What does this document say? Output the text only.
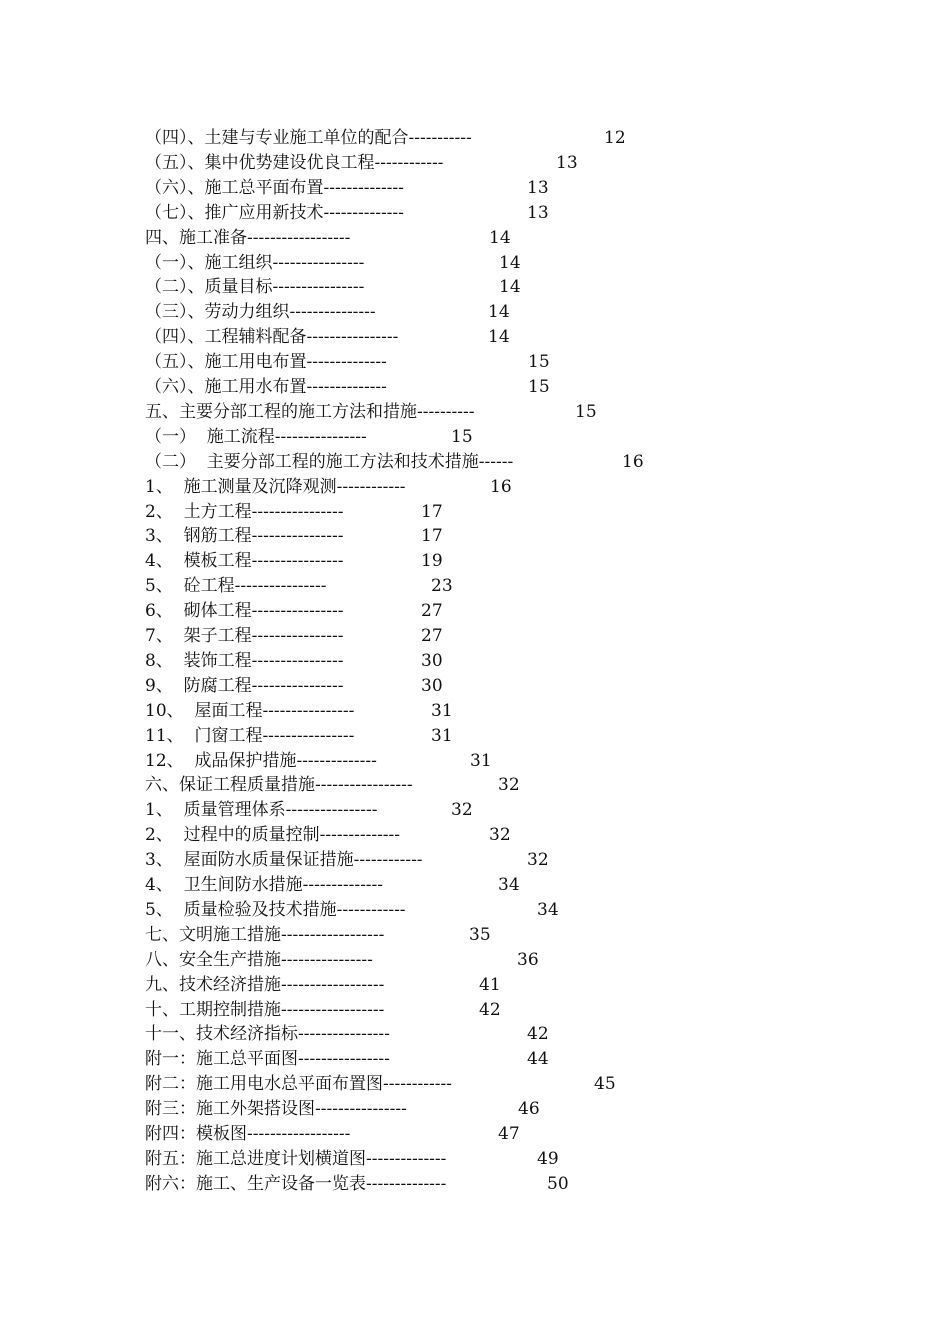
（四）、土建与专业施工单位的配合-----------	12
（五）、集中优势建设优良工程------------	13
（六）、施工总平面布置--------------	13
（七）、推广应用新技术--------------	13
四、施工准备------------------	14
（一）、施工组织----------------	14
（二）、质量目标----------------	14
（三）、劳动力组织---------------	14
（四）、工程辅料配备----------------	14
（五）、施工用电布置--------------	15
（六）、施工用水布置--------------	15
五、主要分部工程的施工方法和措施----------	15
（一）  施工流程----------------	15
（二）  主要分部工程的施工方法和技术措施------	16
1、  施工测量及沉降观测------------	16
2、  土方工程----------------	17
3、  钢筋工程----------------	17
4、  模板工程----------------	19
5、  砼工程----------------	23
6、  砌体工程----------------	27
7、  架子工程----------------	27
8、  装饰工程----------------	30
9、  防腐工程----------------	30
10、  屋面工程----------------	31
11、  门窗工程----------------	31
12、  成品保护措施--------------	31
六、保证工程质量措施-----------------	32
1、  质量管理体系----------------	32
2、  过程中的质量控制--------------	32
3、  屋面防水质量保证措施------------	32
4、  卫生间防水措施--------------	34
5、  质量检验及技术措施------------	34
七、文明施工措施------------------	35
八、安全生产措施----------------	36
九、技术经济措施------------------	41
十、工期控制措施------------------	42
十一、技术经济指标----------------	42
附一：施工总平面图----------------	44
附二：施工用电水总平面布置图------------	45
附三：施工外架搭设图----------------	46
附四：模板图------------------	47
附五：施工总进度计划横道图--------------	49
附六：施工、生产设备一览表--------------	50
